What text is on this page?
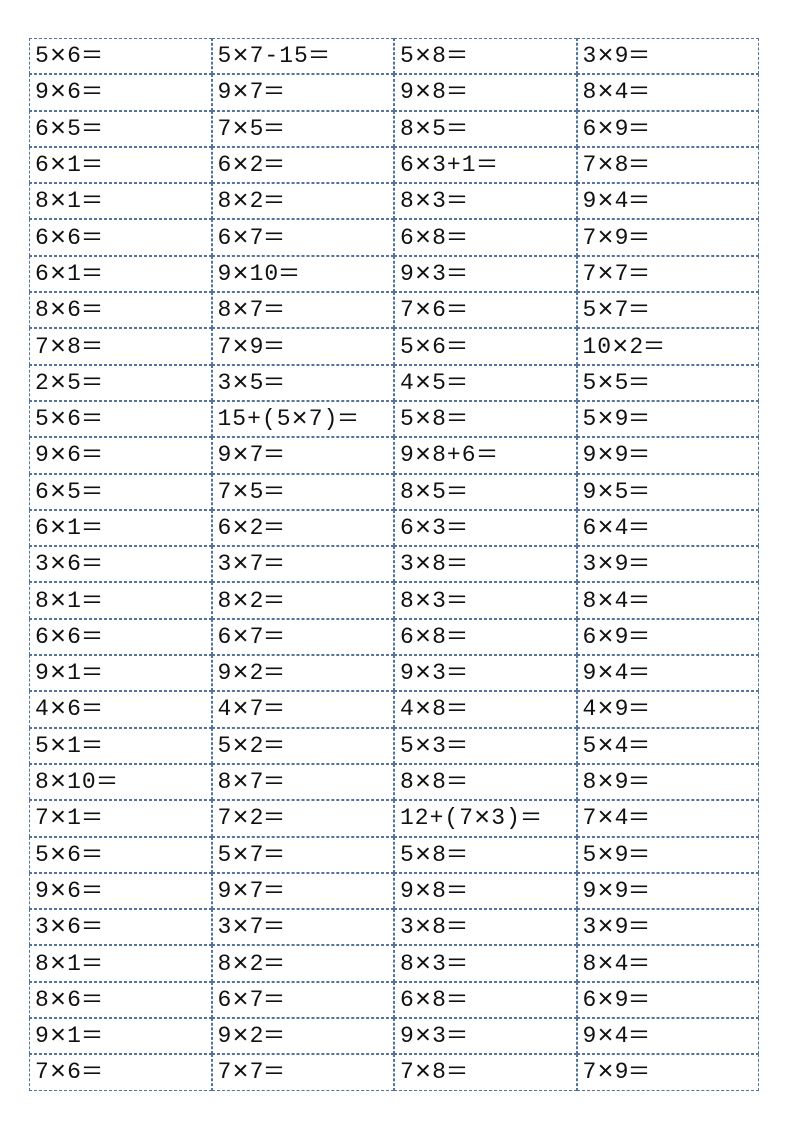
5×6=	5×7-15=	5×8=	3×9=
9×6=	9×7=	9×8=	8×4=
6×5=	7×5=	8×5=	6×9=
6×1=	6×2=	6×3+1=	7×8=
8×1=	8×2=	8×3=	9×4=
6×6=	6×7=	6×8=	7×9=
6×1=	9×10=	9×3=	7×7=
8×6=	8×7=	7×6=	5×7=
7×8=	7×9=	5×6=	10×2=
2×5=	3×5=	4×5=	5×5=
5×6=	15+(5×7)=	5×8=	5×9=
9×6=	9×7=	9×8+6=	9×9=
6×5=	7×5=	8×5=	9×5=
6×1=	6×2=	6×3=	6×4=
3×6=	3×7=	3×8=	3×9=
8×1=	8×2=	8×3=	8×4=
6×6=	6×7=	6×8=	6×9=
9×1=	9×2=	9×3=	9×4=
4×6=	4×7=	4×8=	4×9=
5×1=	5×2=	5×3=	5×4=
8×10=	8×7=	8×8=	8×9=
7×1=	7×2=	12+(7×3)=	7×4=
5×6=	5×7=	5×8=	5×9=
9×6=	9×7=	9×8=	9×9=
3×6=	3×7=	3×8=	3×9=
8×1=	8×2=	8×3=	8×4=
8×6=	6×7=	6×8=	6×9=
9×1=	9×2=	9×3=	9×4=
7×6=	7×7=	7×8=	7×9=
